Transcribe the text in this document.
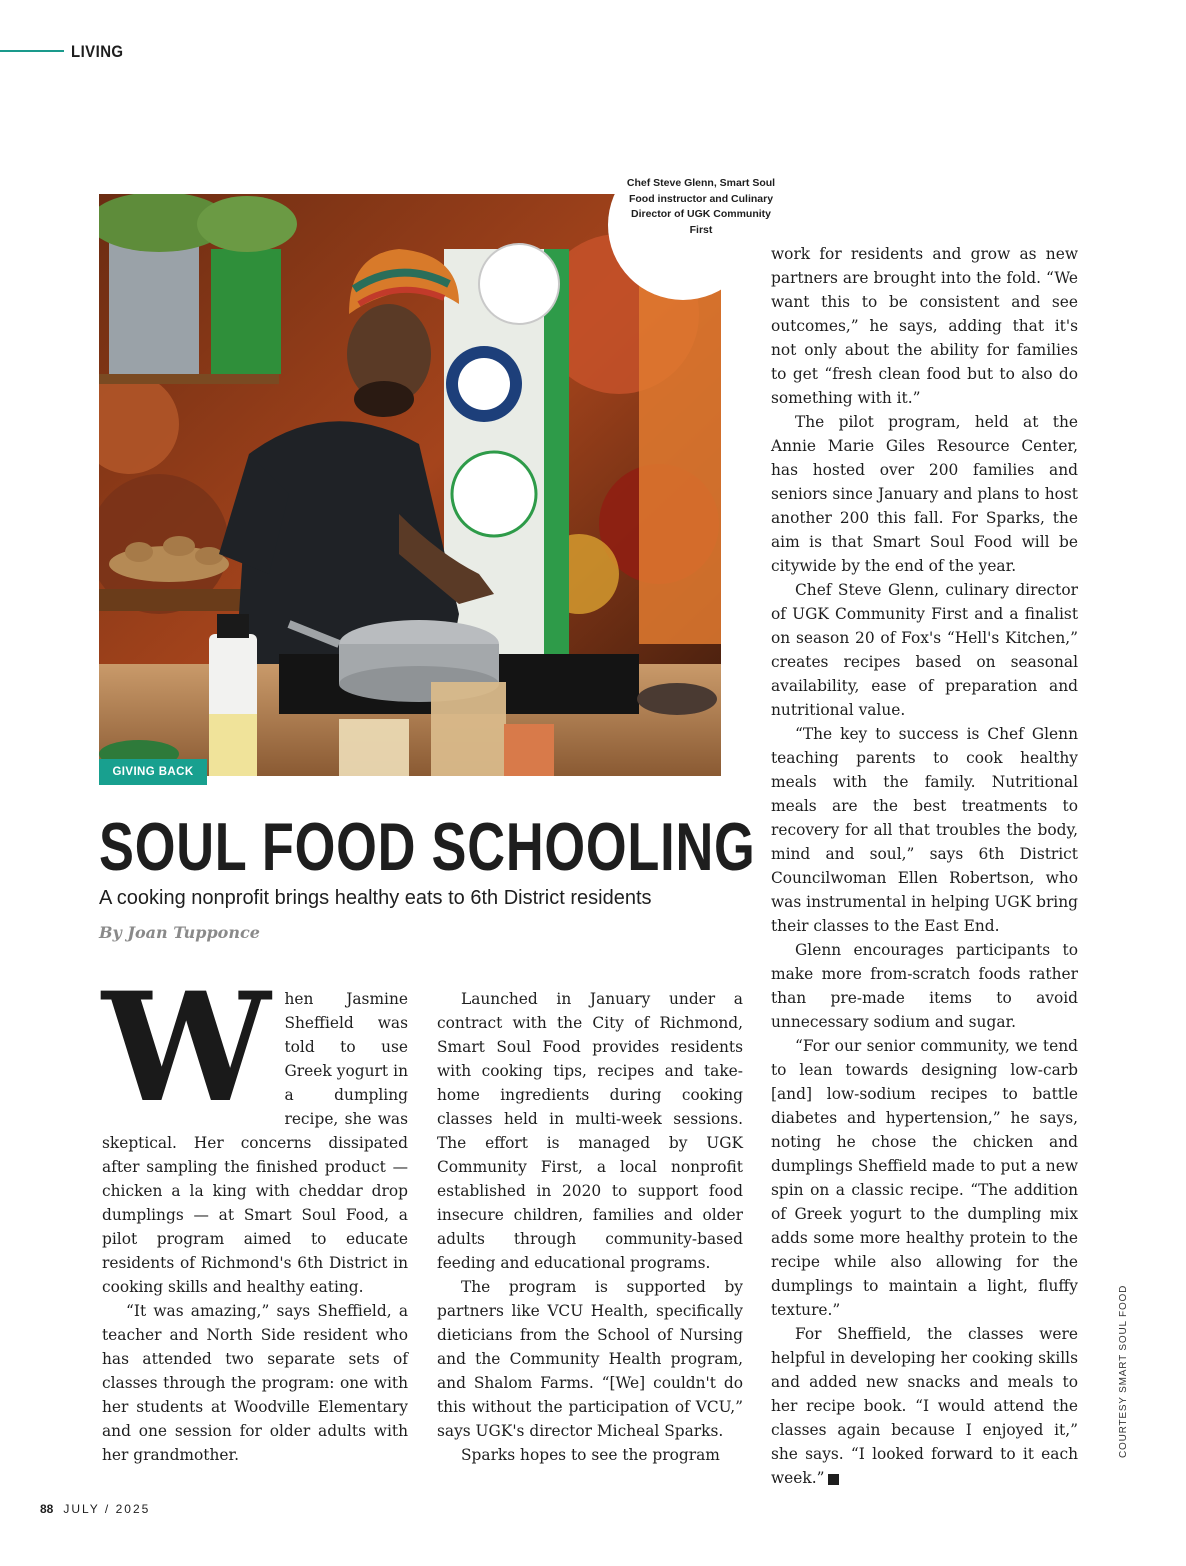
LIVING
Chef Steve Glenn, Smart Soul Food instructor and Culinary Director of UGK Community First
GIVING BACK
SOUL FOOD SCHOOLING
A cooking nonprofit brings healthy eats to 6th District residents
By Joan Tupponce
W hen Jasmine Sheffield was told to use Greek yogurt in a dumpling recipe, she was skeptical. Her concerns dissipated after sampling the finished product — chicken a la king with cheddar drop dumplings — at Smart Soul Food, a pilot program aimed to educate residents of Richmond's 6th District in cooking skills and healthy eating.

“It was amazing,” says Sheffield, a teacher and North Side resident who has attended two separate sets of classes through the program: one with her students at Woodville Elementary and one session for older adults with her grandmother.

Launched in January under a contract with the City of Richmond, Smart Soul Food provides residents with cooking tips, recipes and take-home ingredients during cooking classes held in multi-week sessions. The effort is managed by UGK Community First, a local nonprofit established in 2020 to support food insecure children, families and older adults through community-based feeding and educational programs.

The program is supported by partners like VCU Health, specifically dieticians from the School of Nursing and the Community Health program, and Shalom Farms. “[We] couldn't do this without the participation of VCU,” says UGK's director Micheal Sparks.

Sparks hopes to see the program

work for residents and grow as new partners are brought into the fold. “We want this to be consistent and see outcomes,” he says, adding that it's not only about the ability for families to get “fresh clean food but to also do something with it.”

The pilot program, held at the Annie Marie Giles Resource Center, has hosted over 200 families and seniors since January and plans to host another 200 this fall. For Sparks, the aim is that Smart Soul Food will be citywide by the end of the year.

Chef Steve Glenn, culinary director of UGK Community First and a finalist on season 20 of Fox's “Hell's Kitchen,” creates recipes based on seasonal availability, ease of preparation and nutritional value.

“The key to success is Chef Glenn teaching parents to cook healthy meals with the family. Nutritional meals are the best treatments to recovery for all that troubles the body, mind and soul,” says 6th District Councilwoman Ellen Robertson, who was instrumental in helping UGK bring their classes to the East End.

Glenn encourages participants to make more from-scratch foods rather than pre-made items to avoid unnecessary sodium and sugar.

“For our senior community, we tend to lean towards designing low-carb [and] low-sodium recipes to battle diabetes and hypertension,” he says, noting he chose the chicken and dumplings Sheffield made to put a new spin on a classic recipe. “The addition of Greek yogurt to the dumpling mix adds some more healthy protein to the recipe while also allowing for the dumplings to maintain a light, fluffy texture.”

For Sheffield, the classes were helpful in developing her cooking skills and added new snacks and meals to her recipe book. “I would attend the classes again because I enjoyed it,” she says. “I looked forward to it each week.”

COURTESY SMART SOUL FOOD
88 JULY / 2025
